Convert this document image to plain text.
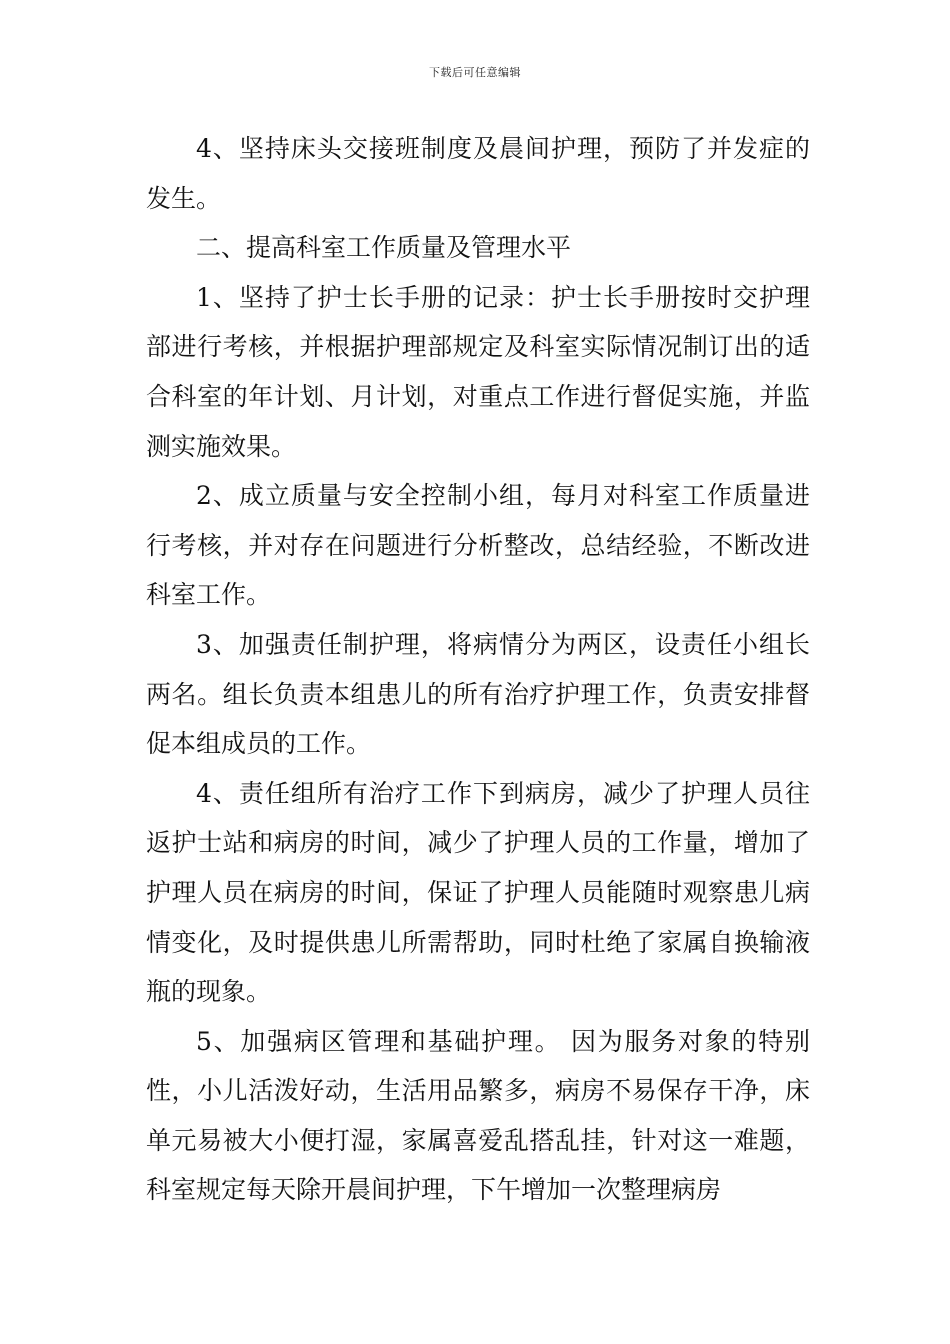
下载后可任意编辑

4、坚持床头交接班制度及晨间护理，预防了并发症的发生。

二、提高科室工作质量及管理水平

1、坚持了护士长手册的记录：护士长手册按时交护理部进行考核，并根据护理部规定及科室实际情况制订出的适合科室的年计划、月计划，对重点工作进行督促实施，并监测实施效果。

2、成立质量与安全控制小组，每月对科室工作质量进行考核，并对存在问题进行分析整改，总结经验，不断改进科室工作。

3、加强责任制护理，将病情分为两区，设责任小组长两名。组长负责本组患儿的所有治疗护理工作，负责安排督促本组成员的工作。

4、责任组所有治疗工作下到病房，减少了护理人员往返护士站和病房的时间，减少了护理人员的工作量，增加了护理人员在病房的时间，保证了护理人员能随时观察患儿病情变化，及时提供患儿所需帮助，同时杜绝了家属自换输液瓶的现象。

5、加强病区管理和基础护理。 因为服务对象的特别性，小儿活泼好动，生活用品繁多，病房不易保存干净，床单元易被大小便打湿，家属喜爱乱搭乱挂，针对这一难题，科室规定每天除开晨间护理，下午增加一次整理病房
